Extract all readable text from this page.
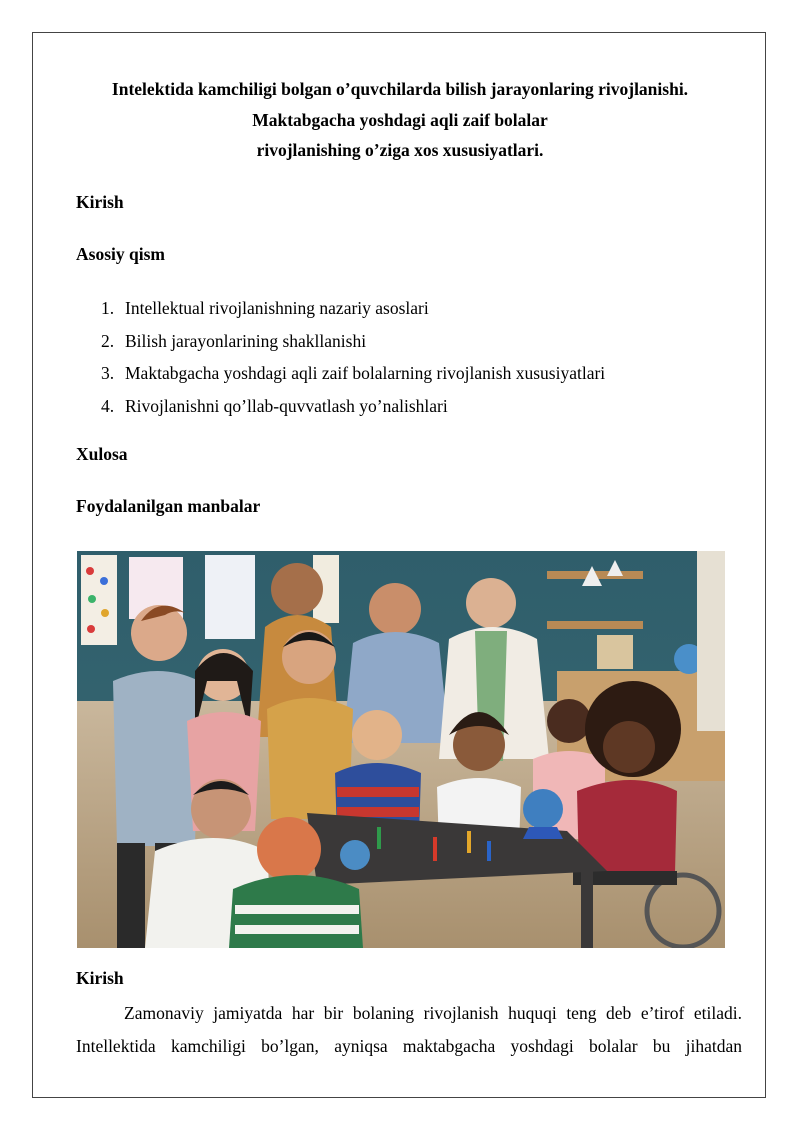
Intelektida kamchiligi bolgan o’quvchilarda bilish jarayonlaring rivojlanishi.
Maktabgacha yoshdagi aqli zaif bolalar
rivojlanishing o’ziga xos xususiyatlari.
Kirish
Asosiy qism
1. Intellektual rivojlanishning nazariy asoslari
2. Bilish jarayonlarining shakllanishi
3. Maktabgacha yoshdagi aqli zaif bolalarning rivojlanish xususiyatlari
4. Rivojlanishni qo’llab-quvvatlash yo’nalishlari
Xulosa
Foydalanilgan manbalar
Kirish

Zamonaviy jamiyatda har bir bolaning rivojlanish huquqi teng deb e’tirof etiladi. Intellektida kamchiligi bo’lgan, ayniqsa maktabgacha yoshdagi bolalar bu jihatdan
